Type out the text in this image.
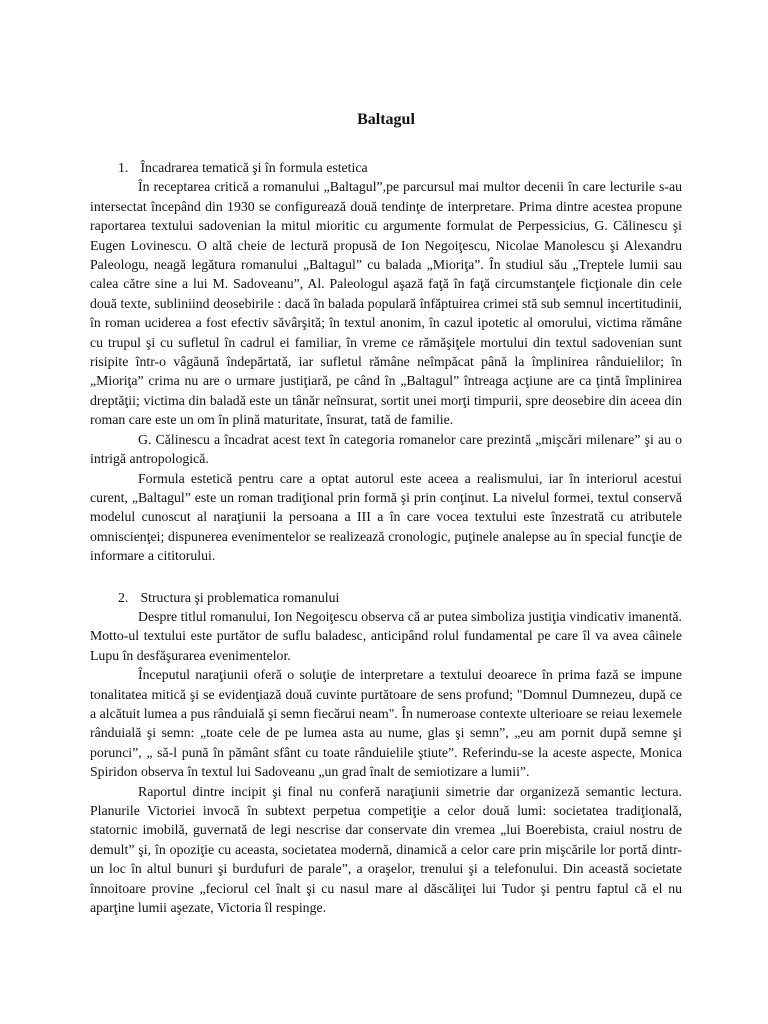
Baltagul
1. Încadrarea tematică şi în formula estetica

În receptarea critică a romanului „Baltagul”,pe parcursul mai multor decenii în care lecturile s-au intersectat începând din 1930 se configurează două tendinţe de interpretare. Prima dintre acestea propune raportarea textului sadovenian la mitul mioritic cu argumente formulat de Perpessicius, G. Călinescu şi Eugen Lovinescu. O altă cheie de lectură propusă de Ion Negoiţescu, Nicolae Manolescu şi Alexandru Paleologu, neagă legătura romanului „Baltagul” cu balada „Mioriţa”. În studiul său „Treptele lumii sau calea către sine a lui M. Sadoveanu”, Al. Paleologul aşază faţă în faţă circumstanţele ficţionale din cele două texte, subliniind deosebirile : dacă în balada populară înfăptuirea crimei stă sub semnul incertitudinii, în roman uciderea a fost efectiv săvârşită; în textul anonim, în cazul ipotetic al omorului, victima rămâne cu trupul şi cu sufletul în cadrul ei familiar, în vreme ce rămăşiţele mortului din textul sadovenian sunt risipite într-o vâgăună îndepărtată, iar sufletul rămâne neîmpăcat până la împlinirea rânduielilor; în „Mioriţa” crima nu are o urmare justiţiară, pe când în „Baltagul” întreaga acţiune are ca ţintă împlinirea dreptăţii; victima din baladă este un tânăr neînsurat, sortit unei morţi timpurii, spre deosebire din aceea din roman care este un om în plină maturitate, însurat, tată de familie.

G. Călinescu a încadrat acest text în categoria romanelor care prezintă „mişcări milenare” şi au o intrigă antropologică.

Formula estetică pentru care a optat autorul este aceea a realismului, iar în interiorul acestui curent, „Baltagul” este un roman tradiţional prin formă şi prin conţinut. La nivelul formei, textul conservă modelul cunoscut al naraţiunii la persoana a III a în care vocea textului este înzestrată cu atributele omniscienţei; dispunerea evenimentelor se realizează cronologic, puţinele analepse au în special funcţie de informare a cititorului.

2. Structura şi problematica romanului

Despre titlul romanului, Ion Negoiţescu observa că ar putea simboliza justiţia vindicativ imanentă. Motto-ul textului este purtător de suflu baladesc, anticipând rolul fundamental pe care îl va avea câinele Lupu în desfăşurarea evenimentelor.

Începutul naraţiunii oferă o soluţie de interpretare a textului deoarece în prima fază se impune tonalitatea mitică şi se evidenţiază două cuvinte purtătoare de sens profund; "Domnul Dumnezeu, după ce a alcătuit lumea a pus rânduială şi semn fiecărui neam". În numeroase contexte ulterioare se reiau lexemele rânduială şi semn: „toate cele de pe lumea asta au nume, glas şi semn”, „eu am pornit după semne şi porunci”, „ să-l pună în pământ sfânt cu toate rânduielile ştiute”. Referindu-se la aceste aspecte, Monica Spiridon observa în textul lui Sadoveanu „un grad înalt de semiotizare a lumii”.

Raportul dintre incipit şi final nu conferă naraţiunii simetrie dar organizeză semantic lectura. Planurile Victoriei invocă în subtext perpetua competiţie a celor două lumi: societatea tradiţională, statornic imobilă, guvernată de legi nescrise dar conservate din vremea „lui Boerebista, craiul nostru de demult” şi, în opoziţie cu aceasta, societatea modernă, dinamică a celor care prin mişcările lor portă dintr-un loc în altul bunuri şi burdufuri de parale”, a oraşelor, trenului şi a telefonului. Din această societate înnoitoare provine „feciorul cel înalt şi cu nasul mare al dăscăliţei lui Tudor şi pentru faptul că el nu aparţine lumii aşezate, Victoria îl respinge.
